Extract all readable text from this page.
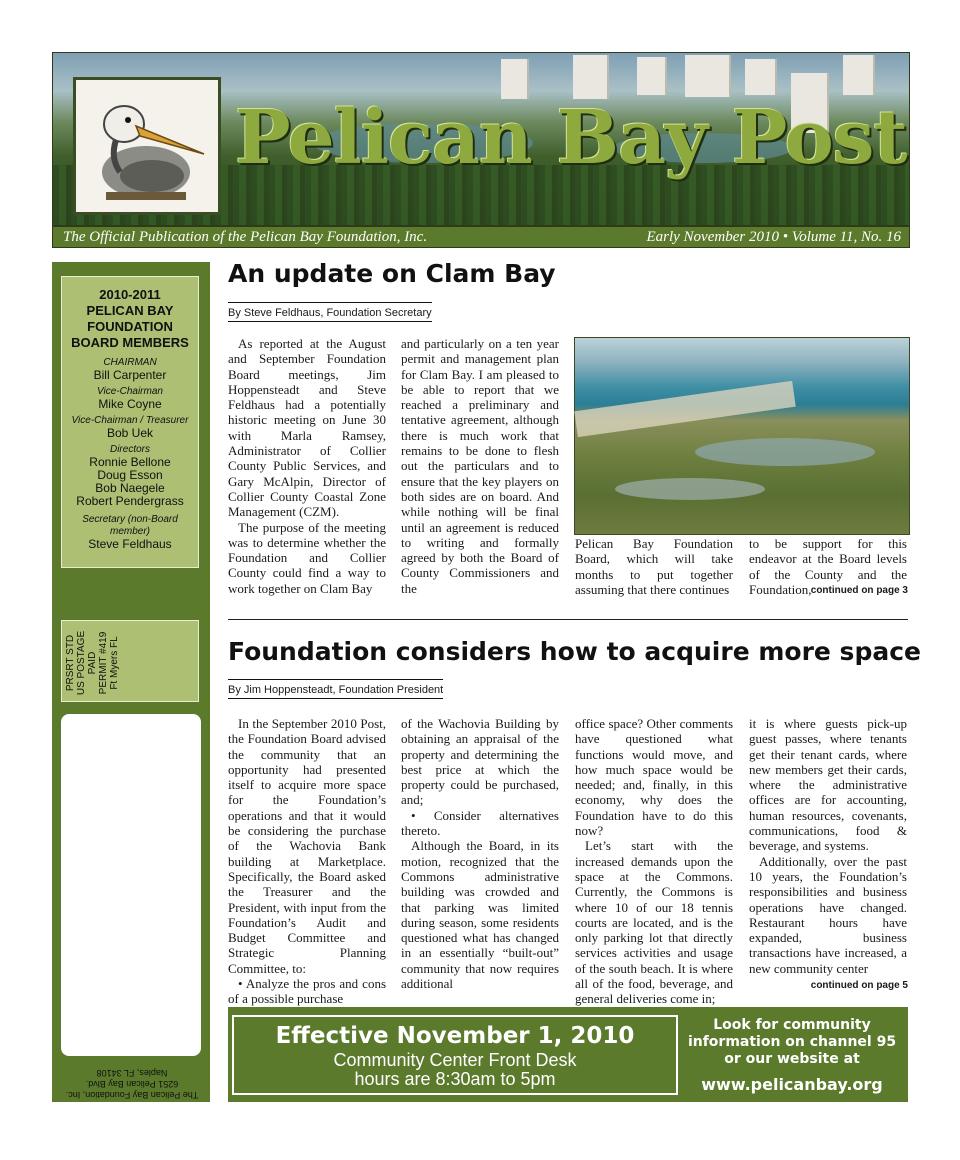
Pelican Bay Post
The Official Publication of the Pelican Bay Foundation, Inc.	Early November 2010 • Volume 11, No. 16
2010-2011
PELICAN BAY
FOUNDATION
BOARD MEMBERS
CHAIRMAN
Bill Carpenter
Vice-Chairman
Mike Coyne
Vice-Chairman / Treasurer
Bob Uek
Directors
Ronnie Bellone
Doug Esson
Bob Naegele
Robert Pendergrass
Secretary (non-Board member)
Steve Feldhaus
PRSRT STD US POSTAGE PAID PERMIT #419 Ft Myers FL
The Pelican Bay Foundation, Inc.
6251 Pelican Bay Blvd.
Naples, FL 34108
An update on Clam Bay
By Steve Feldhaus, Foundation Secretary

As reported at the August and September Foundation Board meetings, Jim Hoppensteadt and Steve Feldhaus had a potentially historic meeting on June 30 with Marla Ramsey, Administrator of Collier County Public Services, and Gary McAlpin, Director of Collier County Coastal Zone Management (CZM).

The purpose of the meeting was to determine whether the Foundation and Collier County could find a way to work together on Clam Bay

and particularly on a ten year permit and management plan for Clam Bay. I am pleased to be able to report that we reached a preliminary and tentative agreement, although there is much work that remains to be done to flesh out the particulars and to ensure that the key players on both sides are on board. And while nothing will be final until an agreement is reduced to writing and formally agreed by both the Board of County Commissioners and the

Pelican Bay Foundation Board, which will take months to put together assuming that there continues

to be support for this endeavor at the Board levels of the County and the Foundation, continued on page 3
Foundation considers how to acquire more space
By Jim Hoppensteadt, Foundation President

In the September 2010 Post, the Foundation Board advised the community that an opportunity had presented itself to acquire more space for the Foundation’s operations and that it would be considering the purchase of the Wachovia Bank building at Marketplace. Specifically, the Board asked the Treasurer and the President, with input from the Foundation’s Audit and Budget Committee and Strategic Planning Committee, to:

• Analyze the pros and cons of a possible purchase

of the Wachovia Building by obtaining an appraisal of the property and determining the best price at which the property could be purchased, and;

• Consider alternatives thereto.

Although the Board, in its motion, recognized that the Commons administrative building was crowded and that parking was limited during season, some residents questioned what has changed in an essentially “built-out” community that now requires additional

office space? Other comments have questioned what functions would move, and how much space would be needed; and, finally, in this economy, why does the Foundation have to do this now?

Let’s start with the increased demands upon the space at the Commons. Currently, the Commons is where 10 of our 18 tennis courts are located, and is the only parking lot that directly services activities and usage of the south beach. It is where all of the food, beverage, and general deliveries come in;

it is where guests pick-up guest passes, where tenants get their tenant cards, where new members get their cards, where the administrative offices are for accounting, human resources, covenants, communications, food & beverage, and systems.

Additionally, over the past 10 years, the Foundation’s responsibilities and business operations have changed. Restaurant hours have expanded, business transactions have increased, a new community center

continued on page 5
Effective November 1, 2010
Community Center Front Desk
hours are 8:30am to 5pm
Look for community
information on channel 95
or our website at
www.pelicanbay.org
